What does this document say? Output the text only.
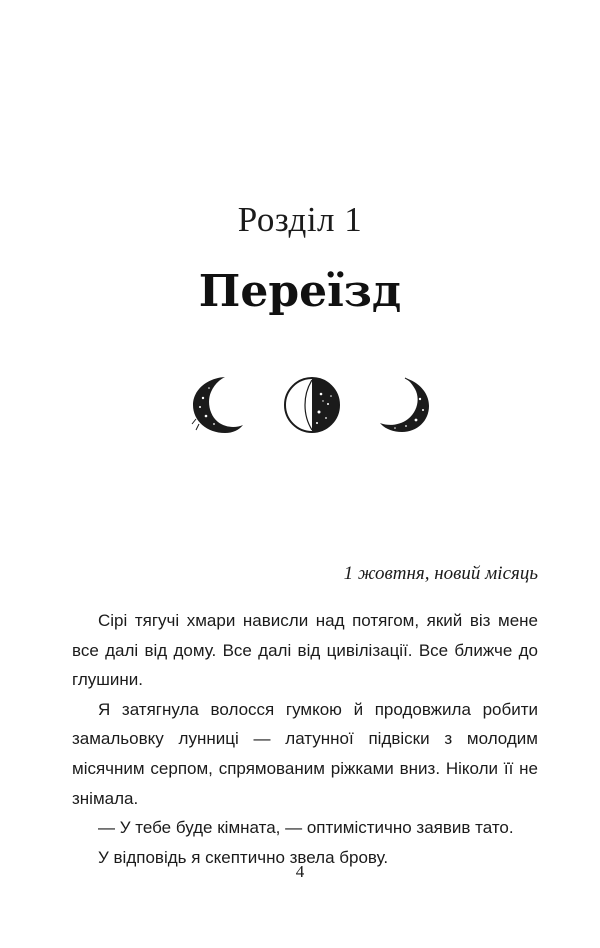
Розділ 1
Переїзд
1 жовтня, новий місяць

Сірі тягучі хмари нависли над потягом, який віз мене все далі від дому. Все далі від цивілізації. Все ближче до глушини.

Я затягнула волосся гумкою й продовжила робити замальовку лунниці — латунної підвіски з молодим місячним серпом, спрямованим ріжками вниз. Ніколи її не знімала.

— У тебе буде кімната, — оптимістично заявив тато.

У відповідь я скептично звела брову.

4
